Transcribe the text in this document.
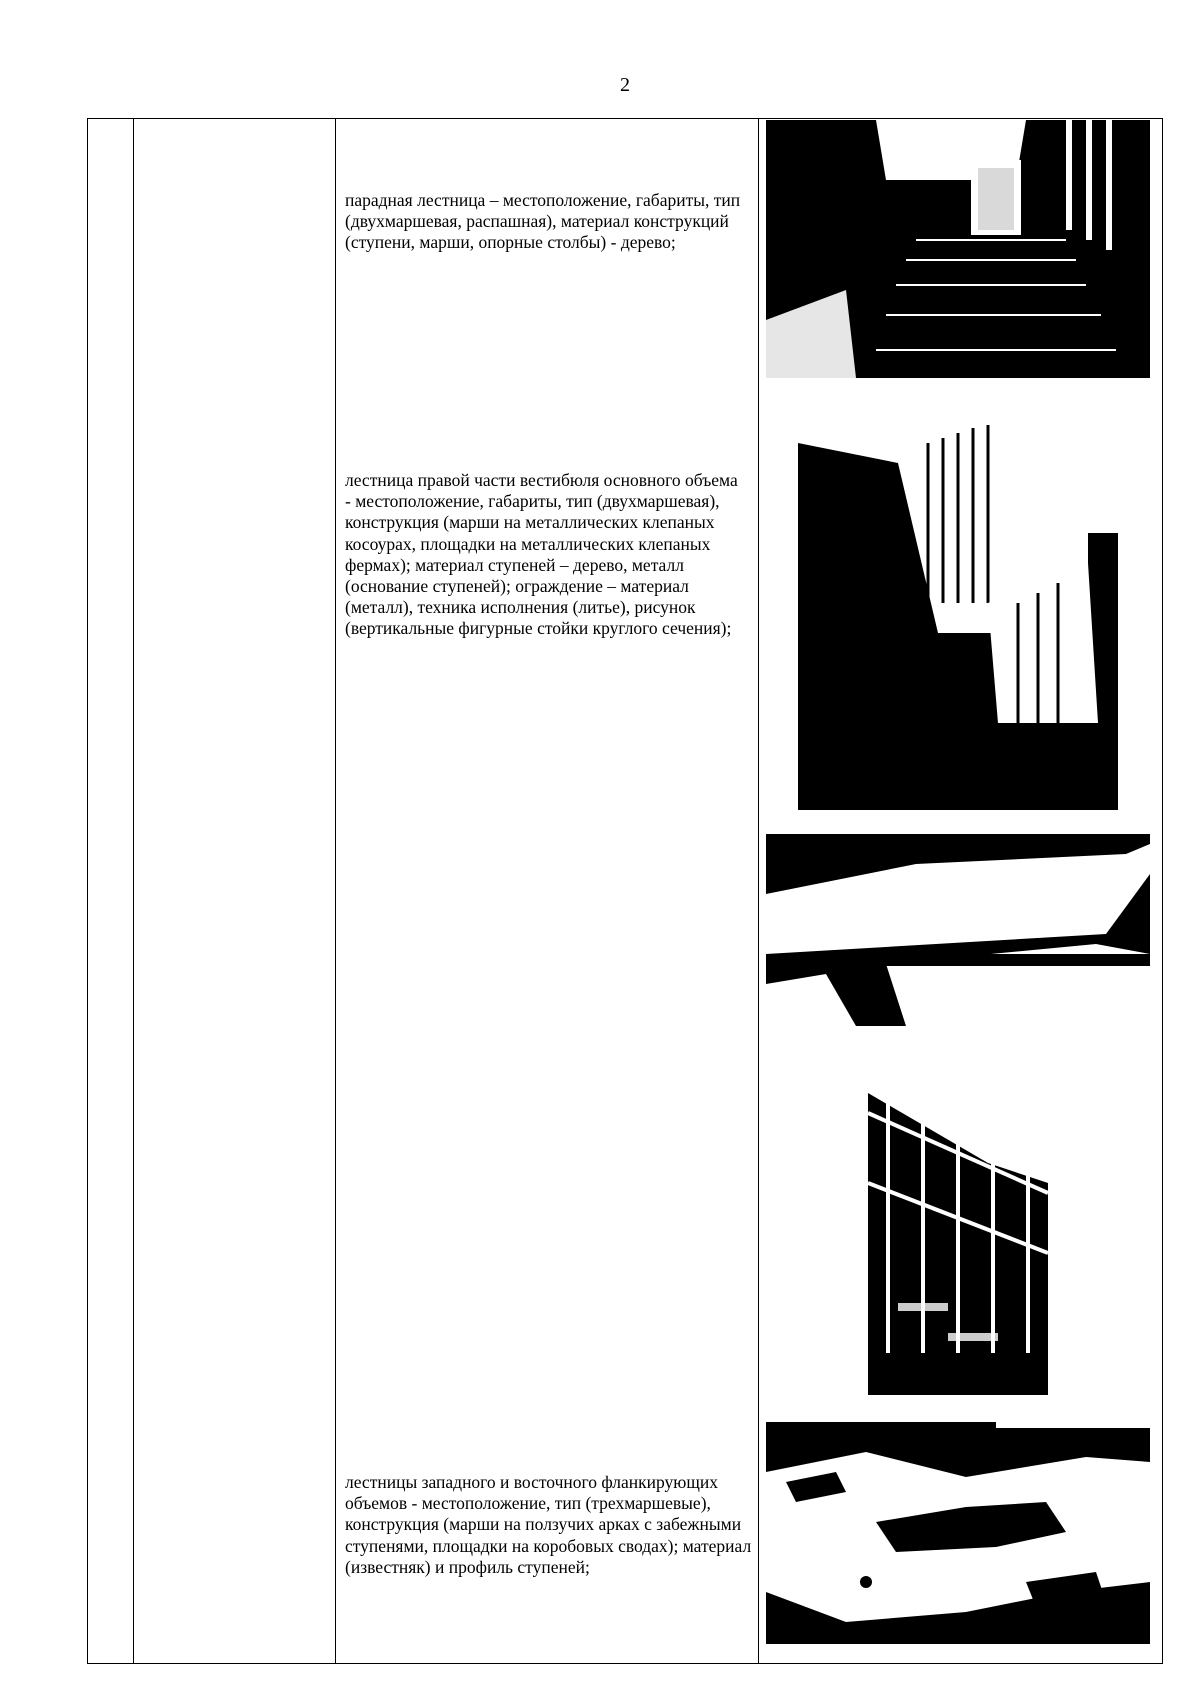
2
парадная лестница – местоположение, габариты, тип (двухмаршевая, распашная), материал конструкций (ступени, марши, опорные столбы) - дерево;
лестница правой части вестибюля основного объема - местоположение, габариты, тип (двухмаршевая), конструкция (марши на металлических клепаных косоурах, площадки на металлических клепаных фермах); материал ступеней – дерево, металл (основание ступеней); ограждение – материал (металл), техника исполнения (литье), рисунок (вертикальные фигурные стойки круглого сечения);
лестницы западного и восточного фланкирующих объемов - местоположение, тип (трехмаршевые), конструкция (марши на ползучих арках с забежными ступенями, площадки на коробовых сводах); материал (известняк) и профиль ступеней;
